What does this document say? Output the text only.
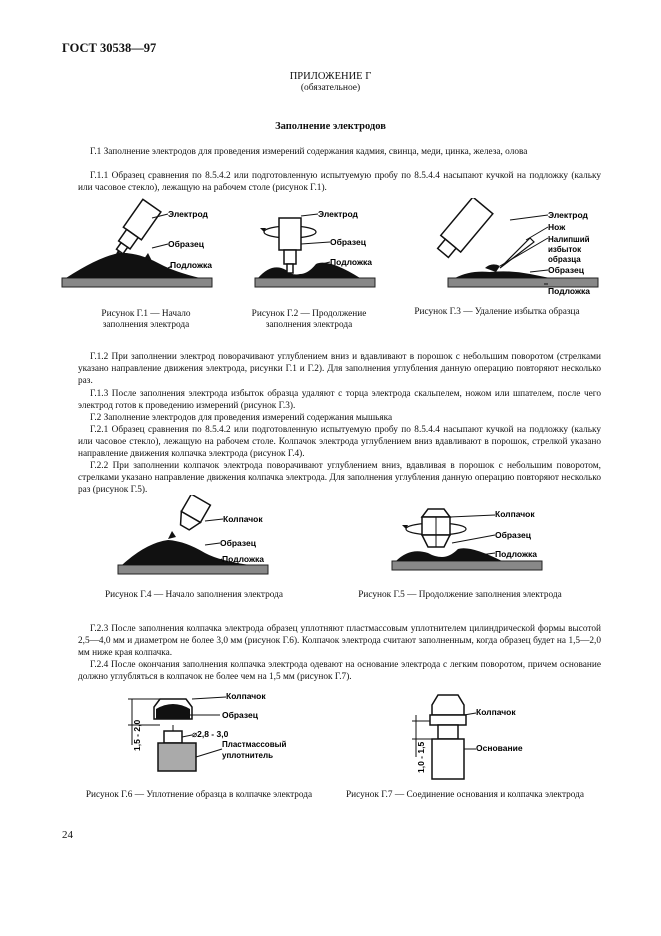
ГОСТ 30538—97
ПРИЛОЖЕНИЕ Г
(обязательное)
Заполнение электродов

Г.1 Заполнение электродов для проведения измерений содержания кадмия, свинца, меди, цинка, железа, олова

Г.1.1 Образец сравнения по 8.5.4.2 или подготовленную испытуемую пробу по 8.5.4.4 насыпают кучкой на подложку (кальку или часовое стекло), лежащую на рабочем столе (рисунок Г.1).

Электрод
Образец
Подложка
Электрод
Образец
Подложка
Электрод
Нож
Налипший
избыток
образца
Образец
Подложка
Рисунок Г.1 — Начало заполнения электрода
Рисунок Г.2 — Продолжение заполнения электрода
Рисунок Г.3 — Удаление избытка образца

Г.1.2 При заполнении электрод поворачивают углублением вниз и вдавливают в порошок с небольшим поворотом (стрелками указано направление движения электрода, рисунки Г.1 и Г.2). Для заполнения углубления данную операцию повторяют несколько раз.

Г.1.3 После заполнения электрода избыток образца удаляют с торца электрода скальпелем, ножом или шпателем, после чего электрод готов к проведению измерений (рисунок Г.3).

Г.2 Заполнение электродов для проведения измерений содержания мышьяка

Г.2.1 Образец сравнения по 8.5.4.2 или подготовленную испытуемую пробу по 8.5.4.4 насыпают кучкой на подложку (кальку или часовое стекло), лежащую на рабочем столе. Колпачок электрода углублением вниз вдавливают в порошок, стрелкой указано направление движения колпачка электрода (рисунок Г.4).

Г.2.2 При заполнении колпачок электрода поворачивают углублением вниз, вдавливая в порошок с небольшим поворотом, стрелками указано направление движения колпачка электрода. Для заполнения углубления данную операцию повторяют несколько раз (рисунок Г.5).

Колпачок
Образец
Подложка
Колпачок
Образец
Подложка
Рисунок Г.4 — Начало заполнения электрода	Рисунок Г.5 — Продолжение заполнения электрода

Г.2.3 После заполнения колпачка электрода образец уплотняют пластмассовым уплотнителем цилиндрической формы высотой 2,5—4,0 мм и диаметром не более 3,0 мм (рисунок Г.6). Колпачок электрода считают заполненным, когда образец будет на 1,5—2,0 мм ниже края колпачка.

Г.2.4 После окончания заполнения колпачка электрода одевают на основание электрода с легким поворотом, причем основание должно углубляться в колпачок не более чем на 1,5 мм (рисунок Г.7).

1,5 - 2,0
Колпачок
Образец
⌀2,8 - 3,0
Пластмассовый
уплотнитель	1,0 - 1,5
Колпачок
Основание
Рисунок Г.6 — Уплотнение образца в колпачке электрода	Рисунок Г.7 — Соединение основания и колпачка электрода
24
